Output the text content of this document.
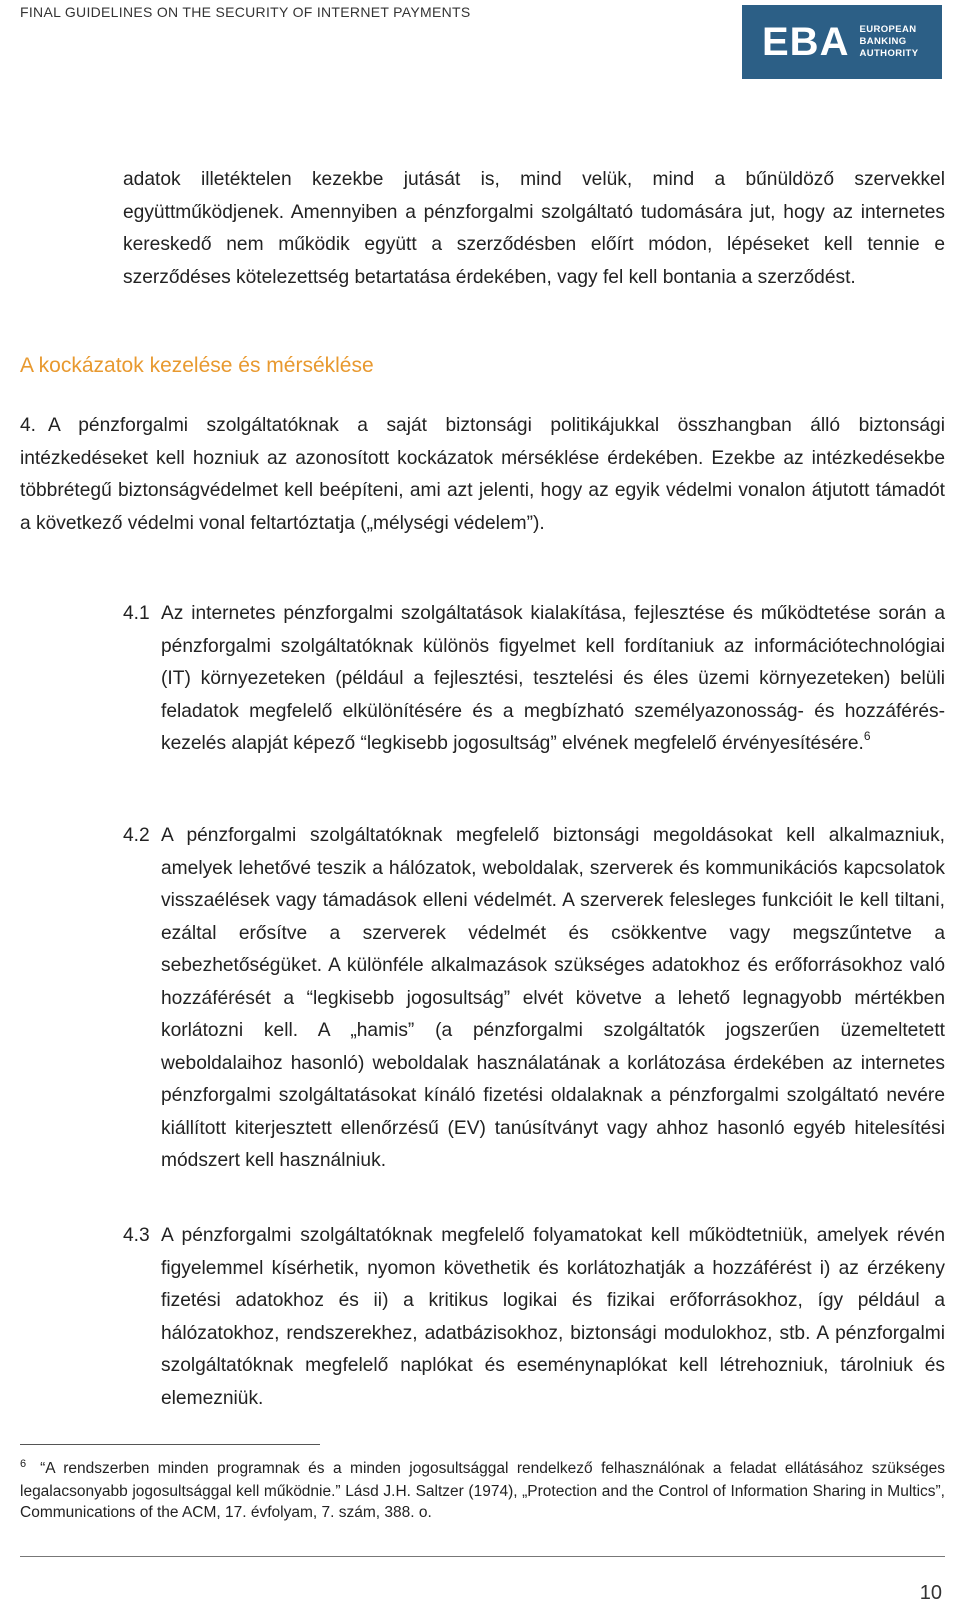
FINAL GUIDELINES ON THE SECURITY OF INTERNET PAYMENTS
EBA EUROPEAN
BANKING
AUTHORITY

adatok illetéktelen kezekbe jutását is, mind velük, mind a bűnüldöző szervekkel együttműködjenek. Amennyiben a pénzforgalmi szolgáltató tudomására jut, hogy az internetes kereskedő nem működik együtt a szerződésben előírt módon, lépéseket kell tennie e szerződéses kötelezettség betartatása érdekében, vagy fel kell bontania a szerződést.

A kockázatok kezelése és mérséklése

4. A pénzforgalmi szolgáltatóknak a saját biztonsági politikájukkal összhangban álló biztonsági intézkedéseket kell hozniuk az azonosított kockázatok mérséklése érdekében. Ezekbe az intézkedésekbe többrétegű biztonságvédelmet kell beépíteni, ami azt jelenti, hogy az egyik védelmi vonalon átjutott támadót a következő védelmi vonal feltartóztatja („mélységi védelem”).

4.1 Az internetes pénzforgalmi szolgáltatások kialakítása, fejlesztése és működtetése során a pénzforgalmi szolgáltatóknak különös figyelmet kell fordítaniuk az információtechnológiai (IT) környezeteken (például a fejlesztési, tesztelési és éles üzemi környezeteken) belüli feladatok megfelelő elkülönítésére és a megbízható személyazonosság- és hozzáférés-kezelés alapját képező “legkisebb jogosultság” elvének megfelelő érvényesítésére.$^6$
4.2 A pénzforgalmi szolgáltatóknak megfelelő biztonsági megoldásokat kell alkalmazniuk, amelyek lehetővé teszik a hálózatok, weboldalak, szerverek és kommunikációs kapcsolatok visszaélések vagy támadások elleni védelmét. A szerverek felesleges funkcióit le kell tiltani, ezáltal erősítve a szerverek védelmét és csökkentve vagy megszűntetve a sebezhetőségüket. A különféle alkalmazások szükséges adatokhoz és erőforrásokhoz való hozzáférését a “legkisebb jogosultság” elvét követve a lehető legnagyobb mértékben korlátozni kell. A „hamis” (a pénzforgalmi szolgáltatók jogszerűen üzemeltetett weboldalaihoz hasonló) weboldalak használatának a korlátozása érdekében az internetes pénzforgalmi szolgáltatásokat kínáló fizetési oldalaknak a pénzforgalmi szolgáltató nevére kiállított kiterjesztett ellenőrzésű (EV) tanúsítványt vagy ahhoz hasonló egyéb hitelesítési módszert kell használniuk.
4.3 A pénzforgalmi szolgáltatóknak megfelelő folyamatokat kell működtetniük, amelyek révén figyelemmel kísérhetik, nyomon követhetik és korlátozhatják a hozzáférést i) az érzékeny fizetési adatokhoz és ii) a kritikus logikai és fizikai erőforrásokhoz, így például a hálózatokhoz, rendszerekhez, adatbázisokhoz, biztonsági modulokhoz, stb. A pénzforgalmi szolgáltatóknak megfelelő naplókat és eseménynaplókat kell létrehozniuk, tárolniuk és elemezniük.
$^6$ “A rendszerben minden programnak és a minden jogosultsággal rendelkező felhasználónak a feladat ellátásához szükséges legalacsonyabb jogosultsággal kell működnie.” Lásd J.H. Saltzer (1974), „Protection and the Control of Information Sharing in Multics”, Communications of the ACM, 17. évfolyam, 7. szám, 388. o.
10
